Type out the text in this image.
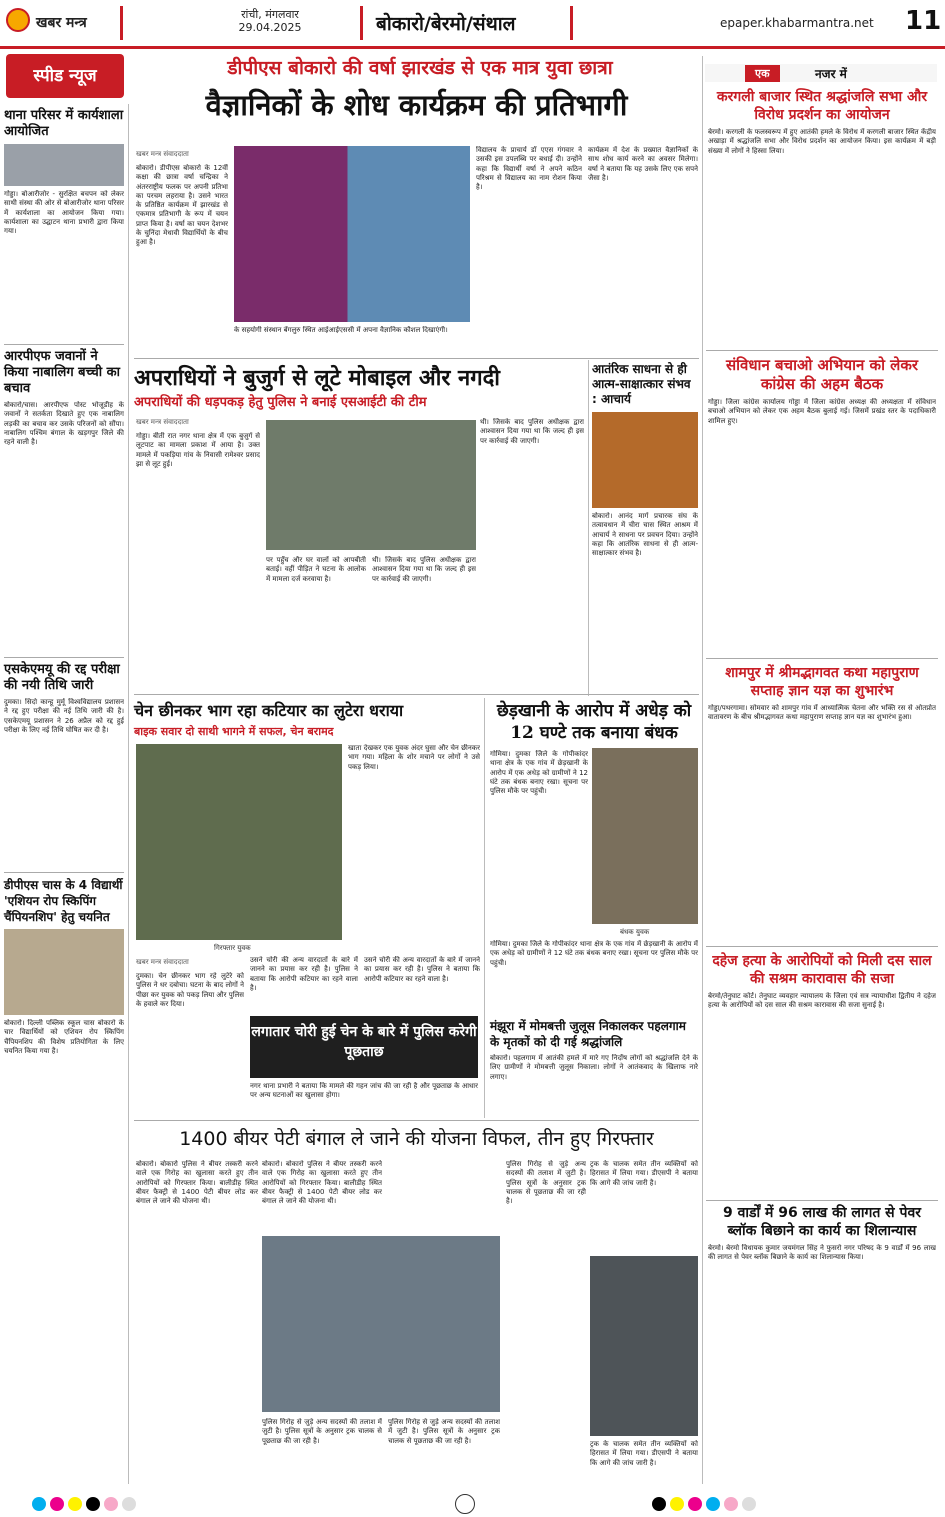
खबर मन्त्र
रांची, मंगलवार
29.04.2025	बोकारो/बेरमो/संथाल	epaper.khabarmantra.net 11
स्पीड न्यूज
थाना परिसर में कार्यशाला आयोजित
गोड्डा। बोआरीजोर - सुरक्षित बचपन को लेकर साथी संस्था की ओर से बोआरीजोर थाना परिसर में कार्यशाला का आयोजन किया गया। कार्यशाला का उद्घाटन थाना प्रभारी द्वारा किया गया।
आरपीएफ जवानों ने किया नाबालिग बच्ची का बचाव
बोकारो/चास। आरपीएफ पोस्ट भोजूडीह के जवानों ने सतर्कता दिखाते हुए एक नाबालिग लड़की का बचाव कर उसके परिजनों को सौंपा। नाबालिग पश्चिम बंगाल के खड़गपुर जिले की रहने वाली है।
एसकेएमयू की रद्द परीक्षा की नयी तिथि जारी
दुमका। सिदो कान्हू मुर्मू विश्वविद्यालय प्रशासन ने रद्द हुए परीक्षा की नई तिथि जारी की है। एसकेएमयू प्रशासन ने 26 अप्रैल को रद्द हुई परीक्षा के लिए नई तिथि घोषित कर दी है।
डीपीएस चास के 4 विद्यार्थी 'एशियन रोप स्किपिंग चैंपियनशिप' हेतु चयनित
बोकारो। दिल्ली पब्लिक स्कूल चास बोकारो के चार विद्यार्थियों को एशियन रोप स्किपिंग चैंपियनशिप की विशेष प्रतियोगिता के लिए चयनित किया गया है।
डीपीएस बोकारो की वर्षा झारखंड से एक मात्र युवा छात्रा
वैज्ञानिकों के शोध कार्यक्रम की प्रतिभागी
खबर मन्त्र संवाददाता
बोकारो। डीपीएस बोकारो के 12वीं कक्षा की छात्रा वर्षा चन्द्रिका ने अंतरराष्ट्रीय फलक पर अपनी प्रतिभा का परचम लहराया है। उसने भारत के प्रतिष्ठित कार्यक्रम में झारखंड से एकमात्र प्रतिभागी के रूप में चयन प्राप्त किया है। वर्षा का चयन देशभर के चुनिंदा मेधावी विद्यार्थियों के बीच हुआ है।
के सहयोगी संस्थान बेंगलुरु स्थित आईआईएससी में अपना वैज्ञानिक कौशल दिखाएंगी।
विद्यालय के प्राचार्य डॉ एएस गंगवार ने उसकी इस उपलब्धि पर बधाई दी। उन्होंने कहा कि विद्यार्थी वर्षा ने अपने कठिन परिश्रम से विद्यालय का नाम रोशन किया है।
कार्यक्रम में देश के प्रख्यात वैज्ञानिकों के साथ शोध कार्य करने का अवसर मिलेगा। वर्षा ने बताया कि यह उसके लिए एक सपने जैसा है।
अपराधियों ने बुजुर्ग से लूटे मोबाइल और नगदी
अपराधियों की धड़पकड़ हेतु पुलिस ने बनाई एसआईटी की टीम
खबर मन्त्र संवाददाता
गोड्डा। बीती रात नगर थाना क्षेत्र में एक बुजुर्ग से लूटपाट का मामला प्रकाश में आया है। उक्त मामले में पकड़िया गांव के निवासी रामेश्वर प्रसाद झा से लूट हुई।
पर पहुँच और घर वालों को आपबीती बताई। वहीं पीड़ित ने घटना के आलोक में मामला दर्ज करवाया है।
थी। जिसके बाद पुलिस अधीक्षक द्वारा आश्वासन दिया गया था कि जल्द ही इस पर कार्रवाई की जाएगी।
थी। जिसके बाद पुलिस अधीक्षक द्वारा आश्वासन दिया गया था कि जल्द ही इस पर कार्रवाई की जाएगी।
आतंरिक साधना से ही आत्म-साक्षात्कार संभव : आचार्य
बोकारो। आनंद मार्ग प्रचारक संघ के तत्वावधान में चीरा चास स्थित आश्रम में आचार्य ने साधना पर प्रवचन दिया। उन्होंने कहा कि आतंरिक साधना से ही आत्म-साक्षात्कार संभव है।
चेन छीनकर भाग रहा कटियार का लुटेरा धराया
बाइक सवार दो साथी भागने में सफल, चेन बरामद
गिरफ्तार युवक
खाता देखकर एक युवक अंदर घुसा और चेन छीनकर भाग गया। महिला के शोर मचाने पर लोगों ने उसे पकड़ लिया।
खबर मन्त्र संवाददाता
दुमका। चेन छीनकर भाग रहे लुटेरे को पुलिस ने धर दबोचा। घटना के बाद लोगों ने पीछा कर युवक को पकड़ लिया और पुलिस के हवाले कर दिया।
उसने चोरी की अन्य वारदातों के बारे में जानने का प्रयास कर रही है। पुलिस ने बताया कि आरोपी कटियार का रहने वाला है।
उसने चोरी की अन्य वारदातों के बारे में जानने का प्रयास कर रही है। पुलिस ने बताया कि आरोपी कटियार का रहने वाला है।
लगातार चोरी हुई चेन के बारे में पुलिस करेगी पूछताछ
नगर थाना प्रभारी ने बताया कि मामले की गहन जांच की जा रही है और पूछताछ के आधार पर अन्य घटनाओं का खुलासा होगा।
छेड़खानी के आरोप में अधेड़ को 12 घण्टे तक बनाया बंधक
गोमिया। दुमका जिले के गोपीकांदर थाना क्षेत्र के एक गांव में छेड़खानी के आरोप में एक अधेड़ को ग्रामीणों ने 12 घंटे तक बंधक बनाए रखा। सूचना पर पुलिस मौके पर पहुंची।
बंधक युवक
गोमिया। दुमका जिले के गोपीकांदर थाना क्षेत्र के एक गांव में छेड़खानी के आरोप में एक अधेड़ को ग्रामीणों ने 12 घंटे तक बंधक बनाए रखा। सूचना पर पुलिस मौके पर पहुंची।
मंझूरा में मोमबत्ती जुलूस निकालकर पहलगाम के मृतकों को दी गई श्रद्धांजलि
बोकारो। पहलगाम में आतंकी हमले में मारे गए निर्दोष लोगों को श्रद्धांजलि देने के लिए ग्रामीणों ने मोमबत्ती जुलूस निकाला। लोगों ने आतंकवाद के खिलाफ नारे लगाए।
1400 बीयर पेटी बंगाल ले जाने की योजना विफल, तीन हुए गिरफ्तार
बोकारो। बोकारो पुलिस ने बीयर तस्करी करने वाले एक गिरोह का खुलासा करते हुए तीन आरोपियों को गिरफ्तार किया। बालीडीह स्थित बीयर फैक्ट्री से 1400 पेटी बीयर लोड कर बंगाल ले जाने की योजना थी।
बोकारो। बोकारो पुलिस ने बीयर तस्करी करने वाले एक गिरोह का खुलासा करते हुए तीन आरोपियों को गिरफ्तार किया। बालीडीह स्थित बीयर फैक्ट्री से 1400 पेटी बीयर लोड कर बंगाल ले जाने की योजना थी।
पुलिस गिरोह से जुड़े अन्य सदस्यों की तलाश में जुटी है। पुलिस सूत्रों के अनुसार ट्रक चालक से पूछताछ की जा रही है।
पुलिस गिरोह से जुड़े अन्य सदस्यों की तलाश में जुटी है। पुलिस सूत्रों के अनुसार ट्रक चालक से पूछताछ की जा रही है।
पुलिस गिरोह से जुड़े अन्य सदस्यों की तलाश में जुटी है। पुलिस सूत्रों के अनुसार ट्रक चालक से पूछताछ की जा रही है।
ट्रक के चालक समेत तीन व्यक्तियों को हिरासत में लिया गया। डीएसपी ने बताया कि आगे की जांच जारी है।
ट्रक के चालक समेत तीन व्यक्तियों को हिरासत में लिया गया। डीएसपी ने बताया कि आगे की जांच जारी है।
एक	नजर में
करगली बाजार स्थित श्रद्धांजलि सभा और विरोध प्रदर्शन का आयोजन
बेरमो। करगली के फलस्वरूप में हुए आतंकी हमले के विरोध में करगली बाजार स्थित केंद्रीय अखाड़ा में श्रद्धांजलि सभा और विरोध प्रदर्शन का आयोजन किया। इस कार्यक्रम में बड़ी संख्या में लोगों ने हिस्सा लिया।
संविधान बचाओ अभियान को लेकर कांग्रेस की अहम बैठक
गोड्डा। जिला कांग्रेस कार्यालय गोड्डा में जिला कांग्रेस अध्यक्ष की अध्यक्षता में संविधान बचाओ अभियान को लेकर एक अहम बैठक बुलाई गई। जिसमें प्रखंड स्तर के पदाधिकारी शामिल हुए।
शामपुर में श्रीमद्भागवत कथा महापुराण सप्ताह ज्ञान यज्ञ का शुभारंभ
गोड्डा/पथरगामा। सोमवार को शामपुर गांव में आध्यात्मिक चेतना और भक्ति रस से ओतप्रोत वातावरण के बीच श्रीमद्भागवत कथा महापुराण सप्ताह ज्ञान यज्ञ का शुभारंभ हुआ।
दहेज हत्या के आरोपियों को मिली दस साल की सश्रम कारावास की सजा
बेरमो/तेनुघाट कोर्ट। तेनुघाट व्यवहार न्यायालय के जिला एवं सत्र न्यायाधीश द्वितीय ने दहेज हत्या के आरोपियों को दस साल की सश्रम कारावास की सजा सुनाई है।
9 वार्डों में 96 लाख की लागत से पेवर ब्लॉक बिछाने का कार्य का शिलान्यास
बेरमो। बेरमो विधायक कुमार जयमंगल सिंह ने फुसरो नगर परिषद के 9 वार्डों में 96 लाख की लागत से पेवर ब्लॉक बिछाने के कार्य का शिलान्यास किया।
